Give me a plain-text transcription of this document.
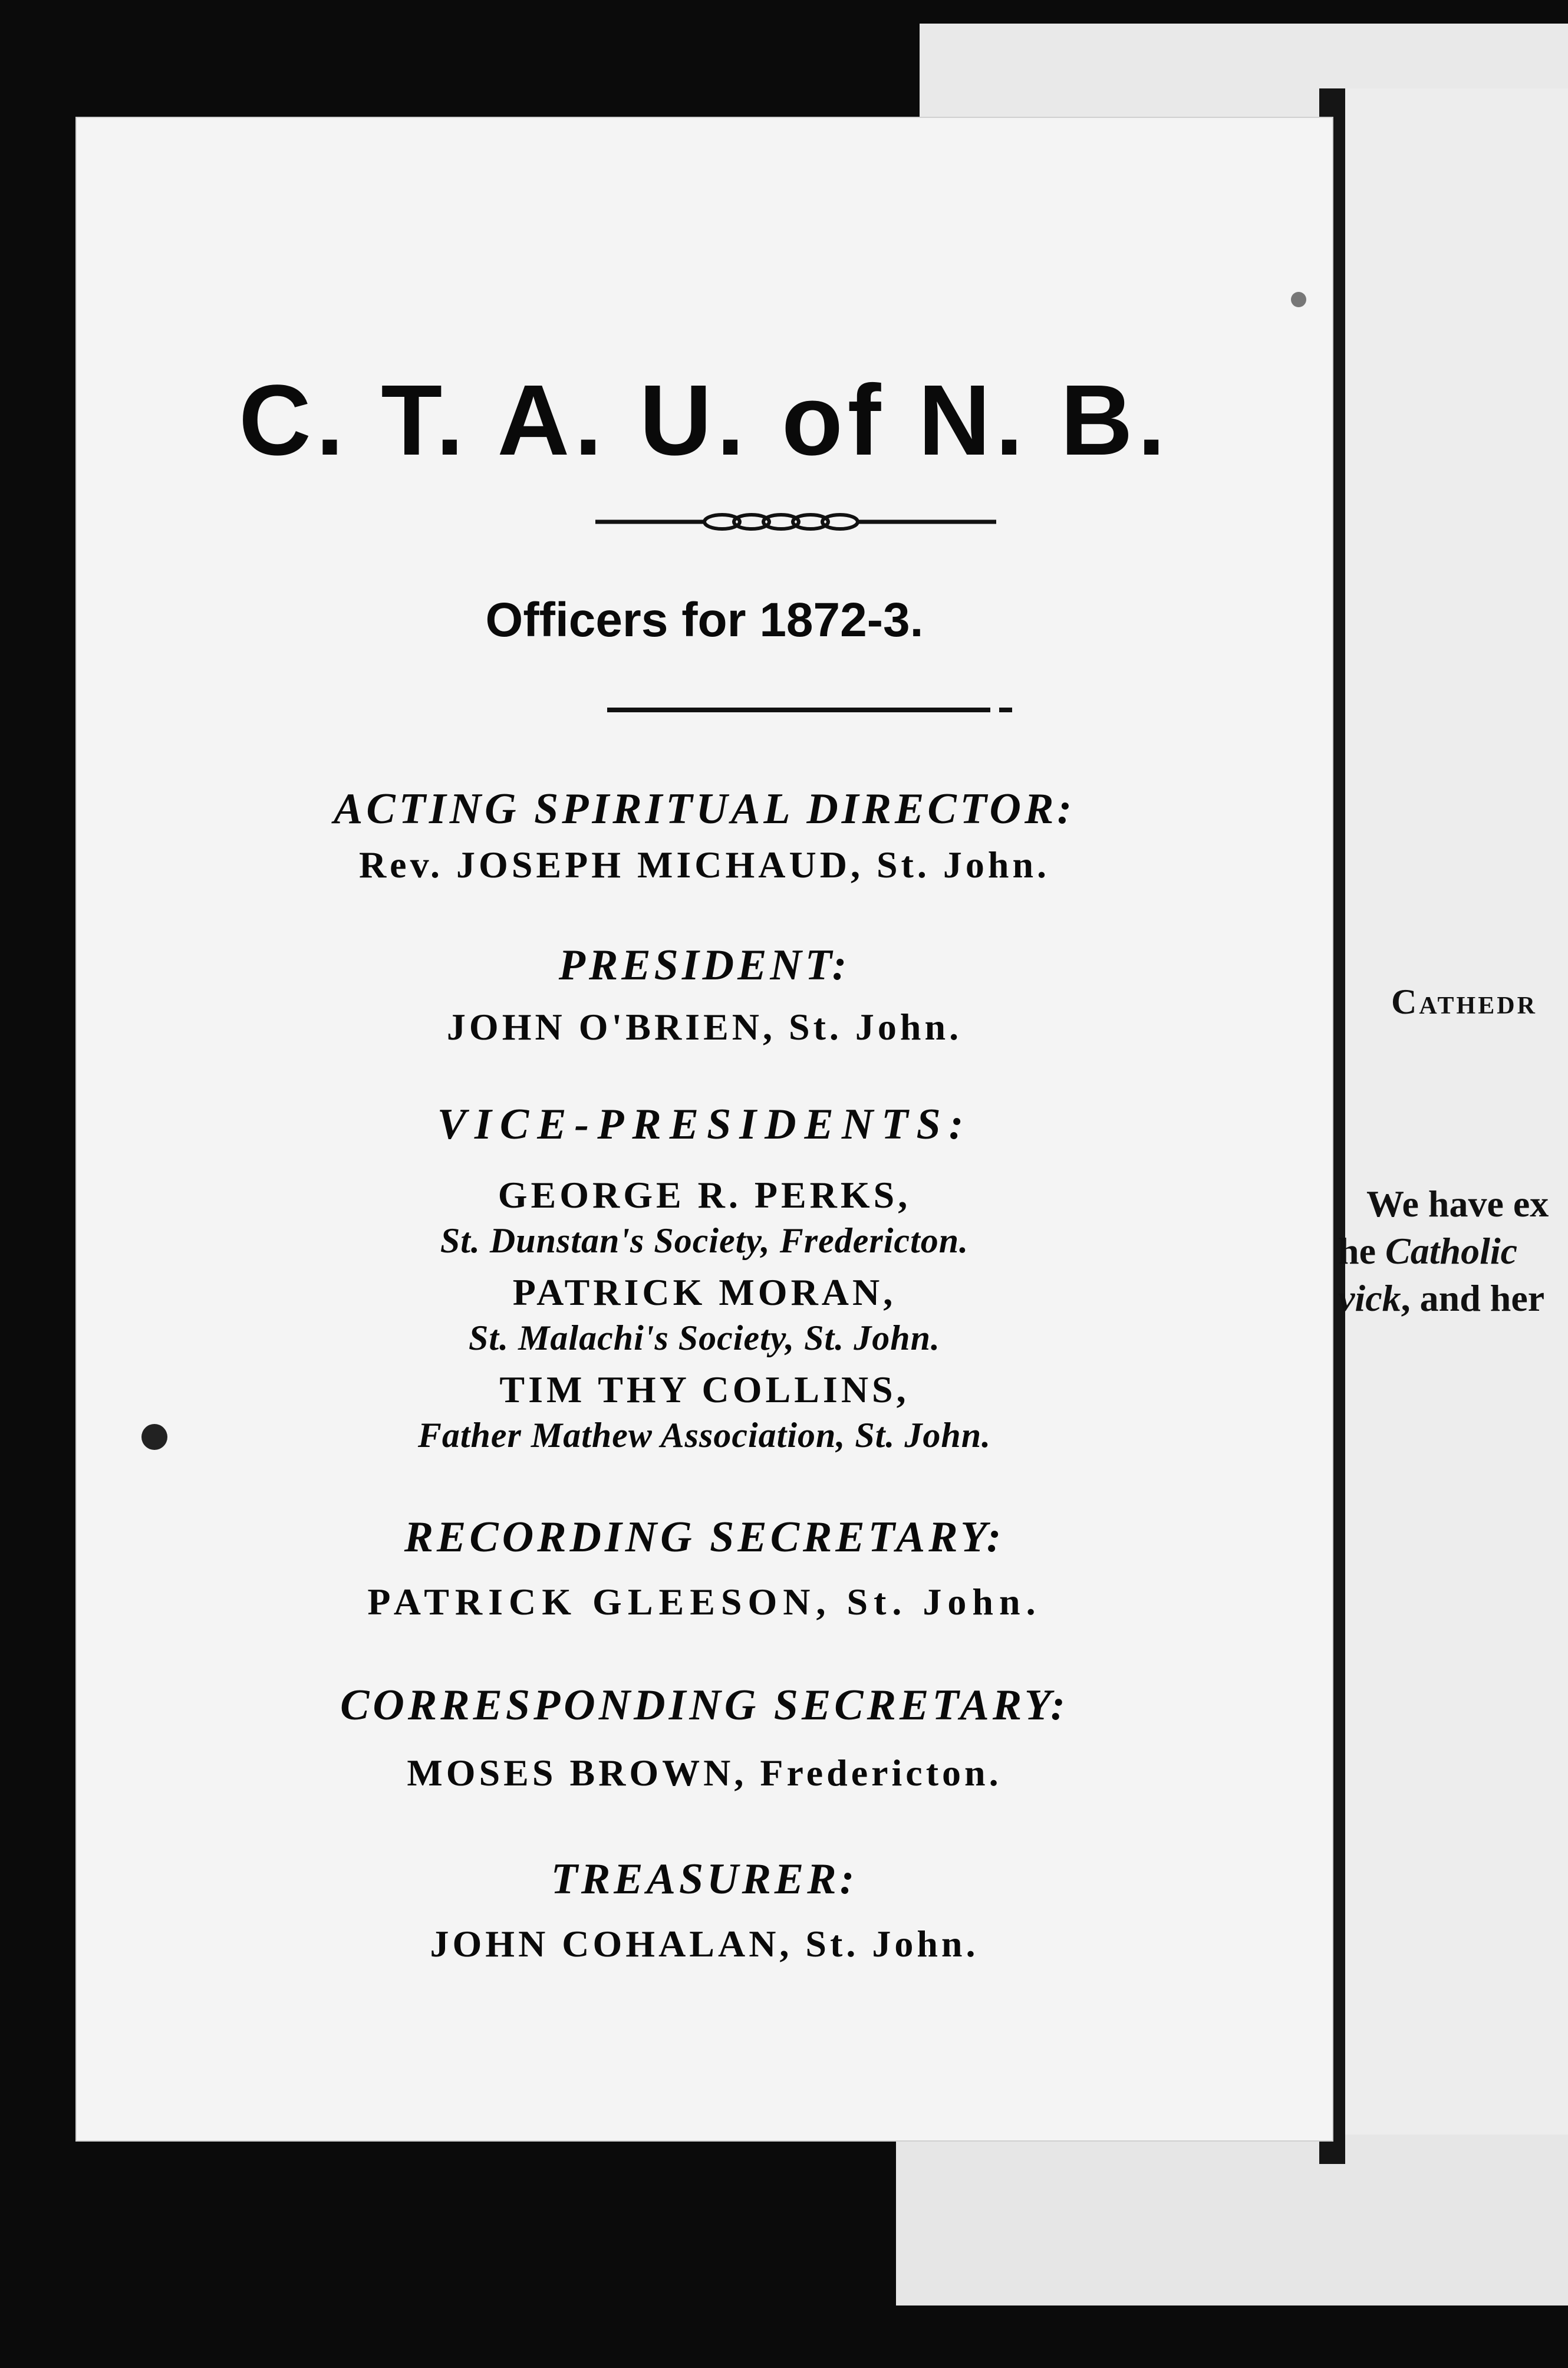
Cathedr
We have ex
he Catholic
vick, and her
C. T. A. U. of N. B.
Officers for 1872-3.
ACTING SPIRITUAL DIRECTOR:
Rev. JOSEPH MICHAUD, St. John.
PRESIDENT:
JOHN O'BRIEN, St. John.
VICE-PRESIDENTS:
GEORGE R. PERKS,
St. Dunstan's Society, Fredericton.
PATRICK MORAN,
St. Malachi's Society, St. John.
TIM THY COLLINS,
Father Mathew Association, St. John.
RECORDING SECRETARY:
PATRICK GLEESON, St. John.
CORRESPONDING SECRETARY:
MOSES BROWN, Fredericton.
TREASURER:
JOHN COHALAN, St. John.
